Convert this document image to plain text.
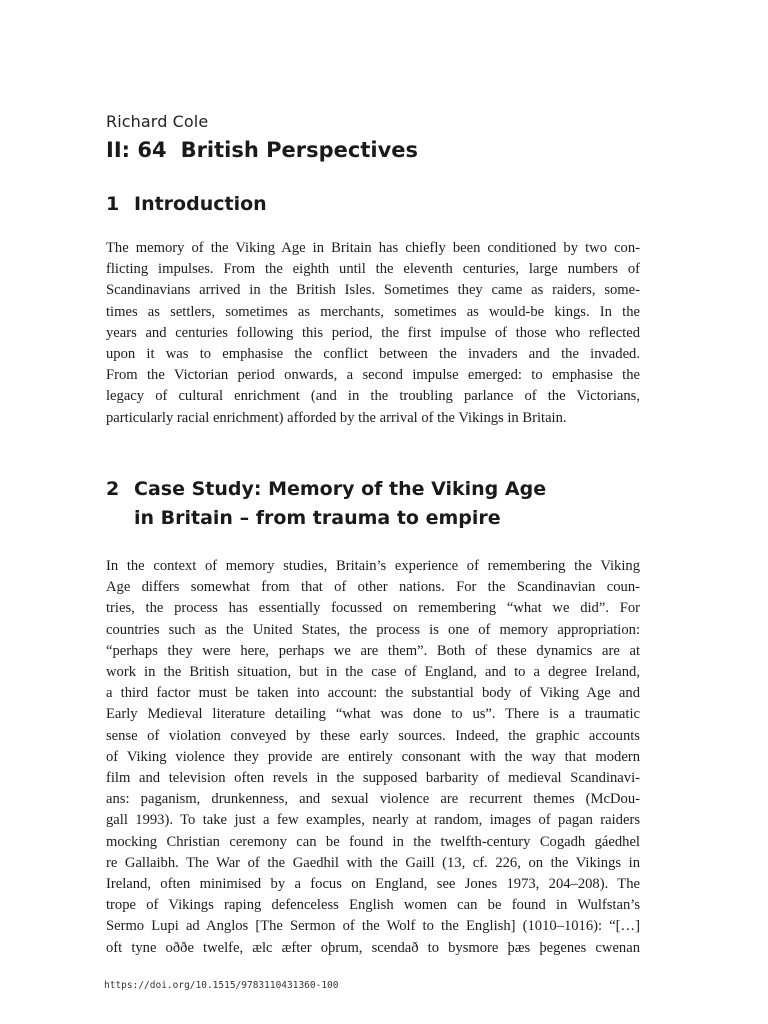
Richard Cole
II: 64 British Perspectives
1 Introduction
The memory of the Viking Age in Britain has chiefly been conditioned by two con-
flicting impulses. From the eighth until the eleventh centuries, large numbers of
Scandinavians arrived in the British Isles. Sometimes they came as raiders, some-
times as settlers, sometimes as merchants, sometimes as would-be kings. In the
years and centuries following this period, the first impulse of those who reflected
upon it was to emphasise the conflict between the invaders and the invaded.
From the Victorian period onwards, a second impulse emerged: to emphasise the
legacy of cultural enrichment (and in the troubling parlance of the Victorians,
particularly racial enrichment) afforded by the arrival of the Vikings in Britain.
2 Case Study: Memory of the Viking Age
in Britain – from trauma to empire
In the context of memory studies, Britain’s experience of remembering the Viking
Age differs somewhat from that of other nations. For the Scandinavian coun-
tries, the process has essentially focussed on remembering “what we did”. For
countries such as the United States, the process is one of memory appropriation:
“perhaps they were here, perhaps we are them”. Both of these dynamics are at
work in the British situation, but in the case of England, and to a degree Ireland,
a third factor must be taken into account: the substantial body of Viking Age and
Early Medieval literature detailing “what was done to us”. There is a traumatic
sense of violation conveyed by these early sources. Indeed, the graphic accounts
of Viking violence they provide are entirely consonant with the way that modern
film and television often revels in the supposed barbarity of medieval Scandinavi-
ans: paganism, drunkenness, and sexual violence are recurrent themes (McDou-
gall 1993). To take just a few examples, nearly at random, images of pagan raiders
mocking Christian ceremony can be found in the twelfth-century Cogadh gáedhel
re Gallaibh. The War of the Gaedhil with the Gaill (13, cf. 226, on the Vikings in
Ireland, often minimised by a focus on England, see Jones 1973, 204–208). The
trope of Vikings raping defenceless English women can be found in Wulfstan’s
Sermo Lupi ad Anglos [The Sermon of the Wolf to the English] (1010–1016): “[…]
oft tyne oððe twelfe, ælc æfter oþrum, scendað to bysmore þæs þegenes cwenan
https://doi.org/10.1515/9783110431360-100
